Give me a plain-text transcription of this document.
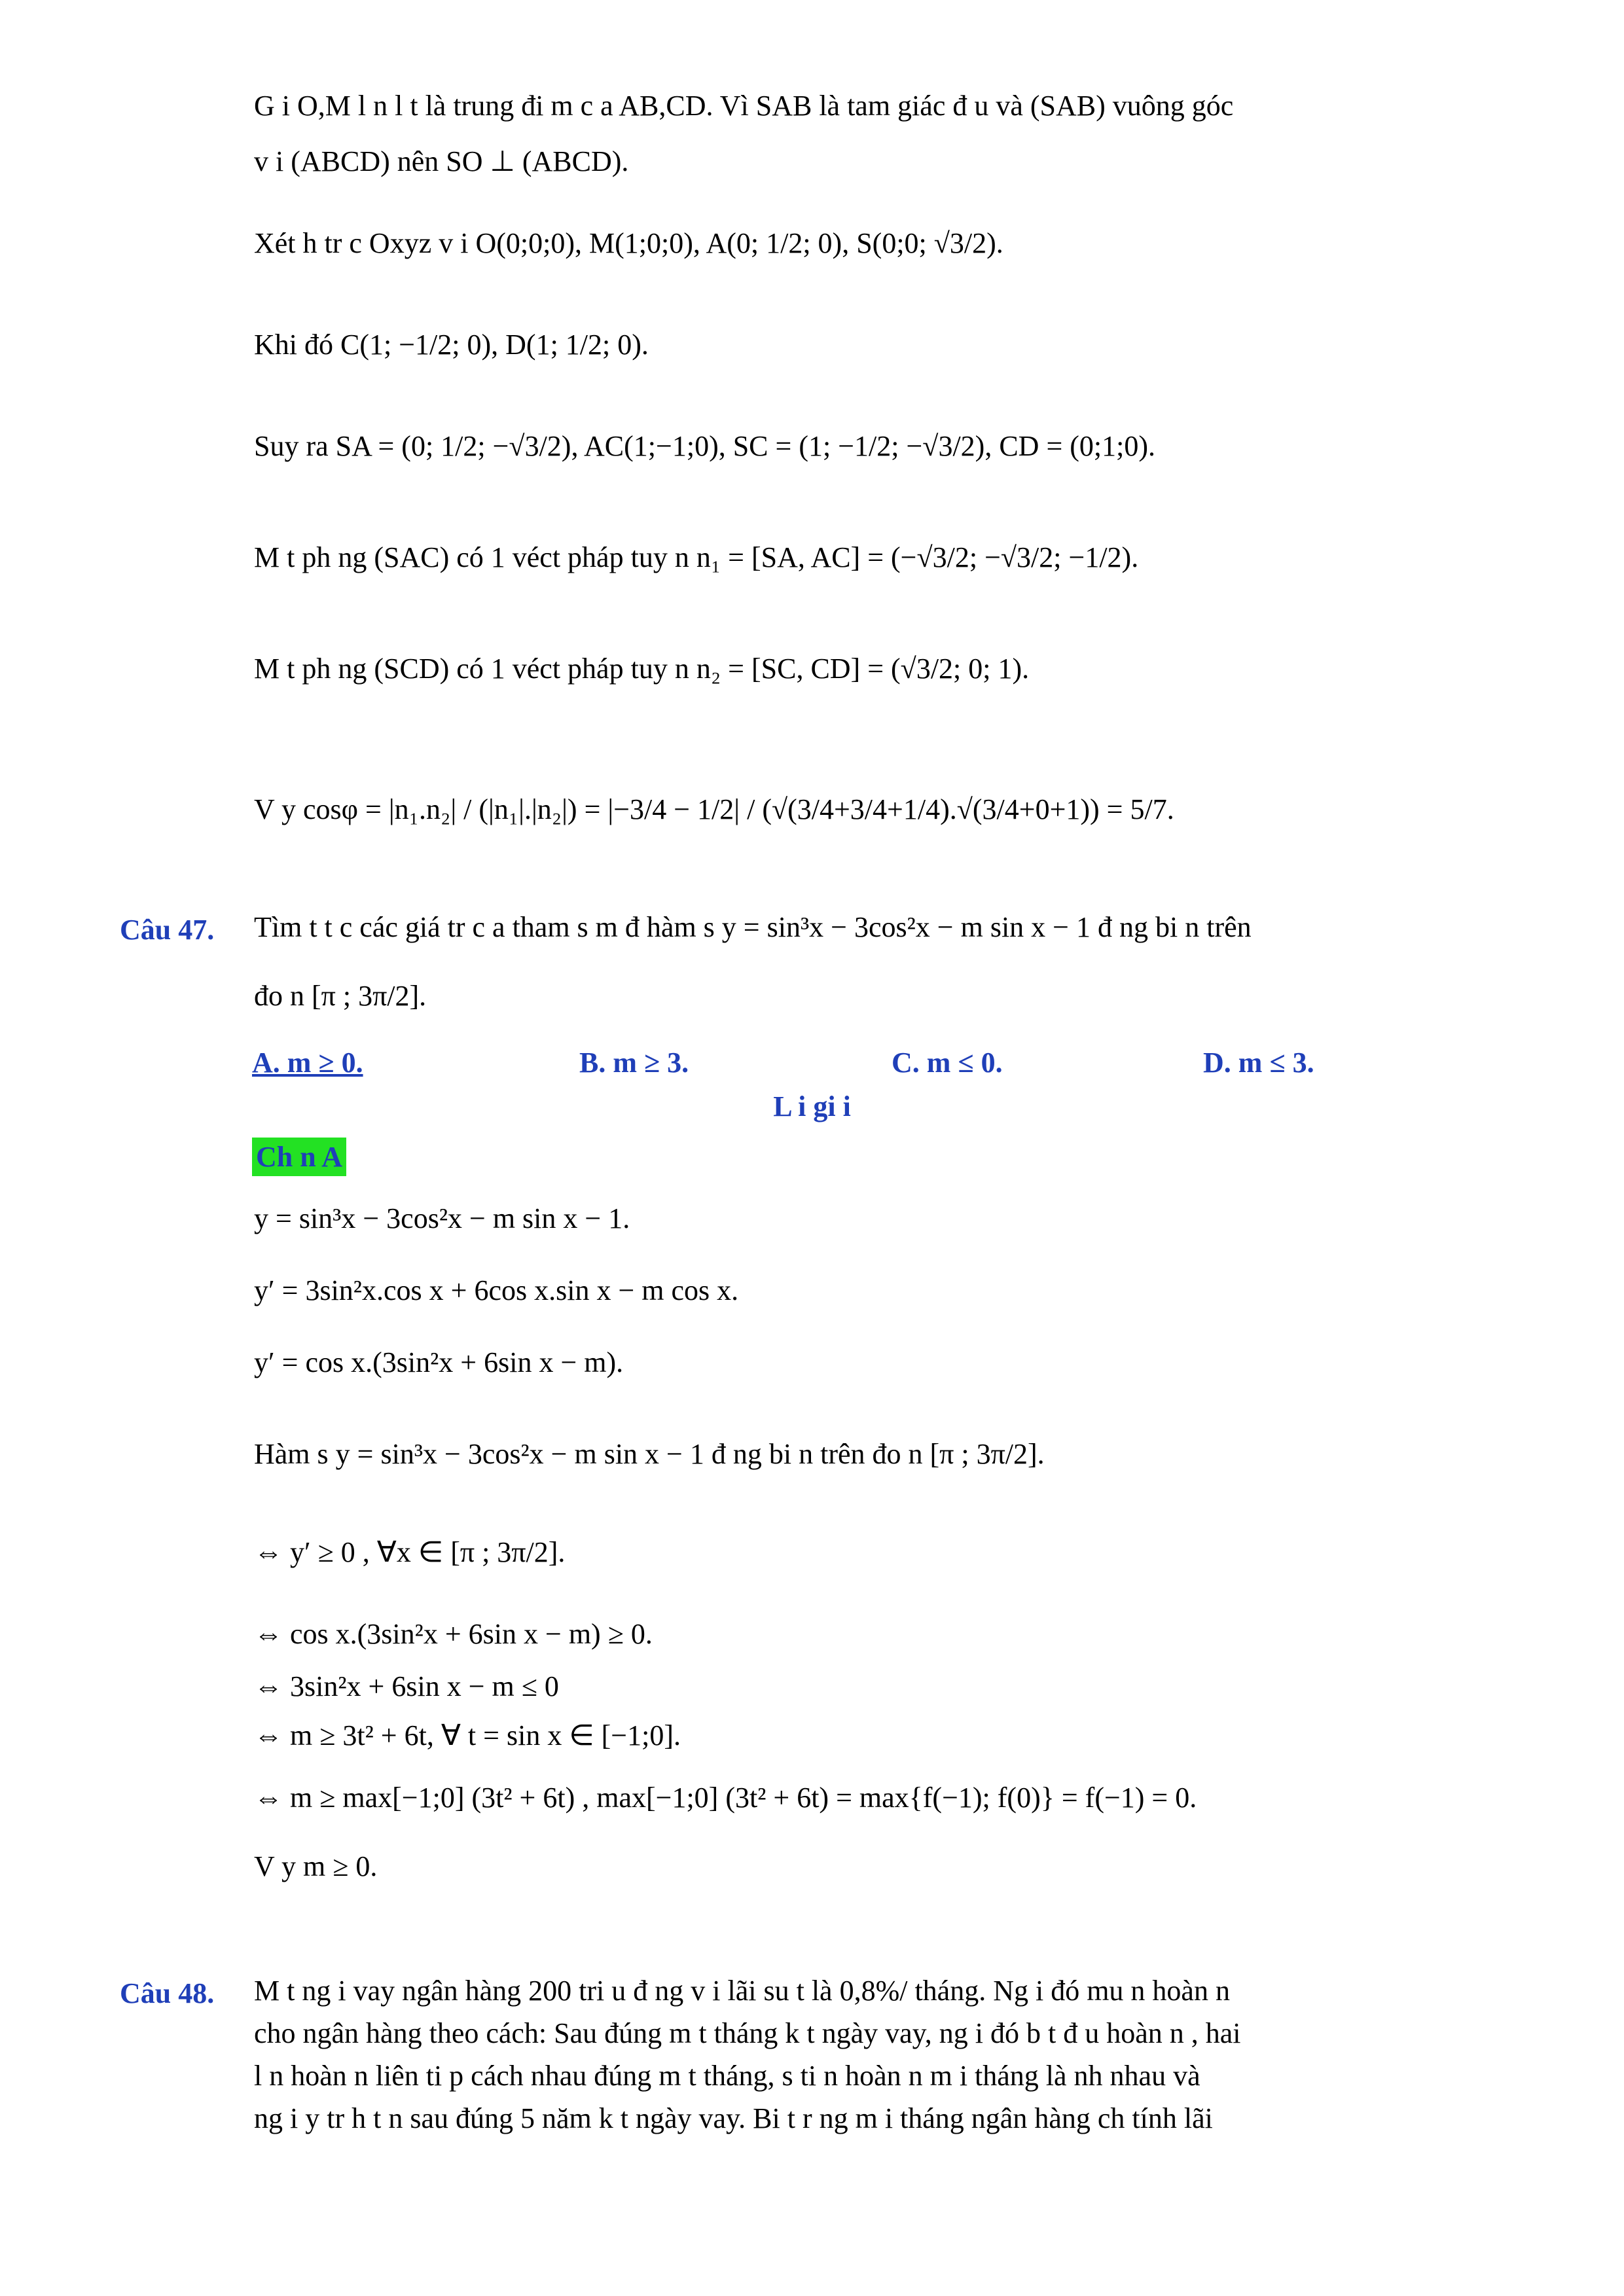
G i O,M l n l t là trung đi m c a AB,CD. Vì SAB là tam giác đ u và (SAB) vuông góc
v i (ABCD) nên SO ⊥ (ABCD).
Xét h tr c Oxyz v i O(0;0;0), M(1;0;0), A(0; 1/2; 0), S(0;0; √3/2).
Khi đó C(1; −1/2; 0), D(1; 1/2; 0).
Suy ra SA = (0; 1/2; −√3/2), AC(1;−1;0), SC = (1; −1/2; −√3/2), CD = (0;1;0).
M t ph ng (SAC) có 1 véct pháp tuy n n₁ = [SA, AC] = (−√3/2; −√3/2; −1/2).
M t ph ng (SCD) có 1 véct pháp tuy n n₂ = [SC, CD] = (√3/2; 0; 1).
V y cosφ = |n₁.n₂| / (|n₁|.|n₂|) = |−3/4 − 1/2| / (√(3/4+3/4+1/4).√(3/4+0+1)) = 5/7.
Câu 47. Tìm t t c các giá tr c a tham s m đ hàm s y = sin³x − 3cos²x − m sin x − 1 đ ng bi n trên
đo n [π ; 3π/2].
A. m ≥ 0.	B. m ≥ 3.	C. m ≤ 0.	D. m ≤ 3.
L i gi i
Ch n A
y = sin³x − 3cos²x − m sin x − 1.
y′ = 3sin²x.cos x + 6cos x.sin x − m cos x.
y′ = cos x.(3sin²x + 6sin x − m).
Hàm s y = sin³x − 3cos²x − m sin x − 1 đ ng bi n trên đo n [π ; 3π/2].
⇔ y′ ≥ 0 , ∀x ∈ [π ; 3π/2].
⇔ cos x.(3sin²x + 6sin x − m) ≥ 0.
⇔ 3sin²x + 6sin x − m ≤ 0
⇔ m ≥ 3t² + 6t, ∀ t = sin x ∈ [−1;0].
⇔ m ≥ max[−1;0] (3t² + 6t) , max[−1;0] (3t² + 6t) = max{f(−1); f(0)} = f(−1) = 0.
V y m ≥ 0.
Câu 48. M t ng i vay ngân hàng 200 tri u đ ng v i lãi su t là 0,8%/ tháng. Ng i đó mu n hoàn n
cho ngân hàng theo cách: Sau đúng m t tháng k t ngày vay, ng i đó b t đ u hoàn n , hai
l n hoàn n liên ti p cách nhau đúng m t tháng, s ti n hoàn n m i tháng là nh nhau và
ng i y tr h t n sau đúng 5 năm k t ngày vay. Bi t r ng m i tháng ngân hàng ch tính lãi
